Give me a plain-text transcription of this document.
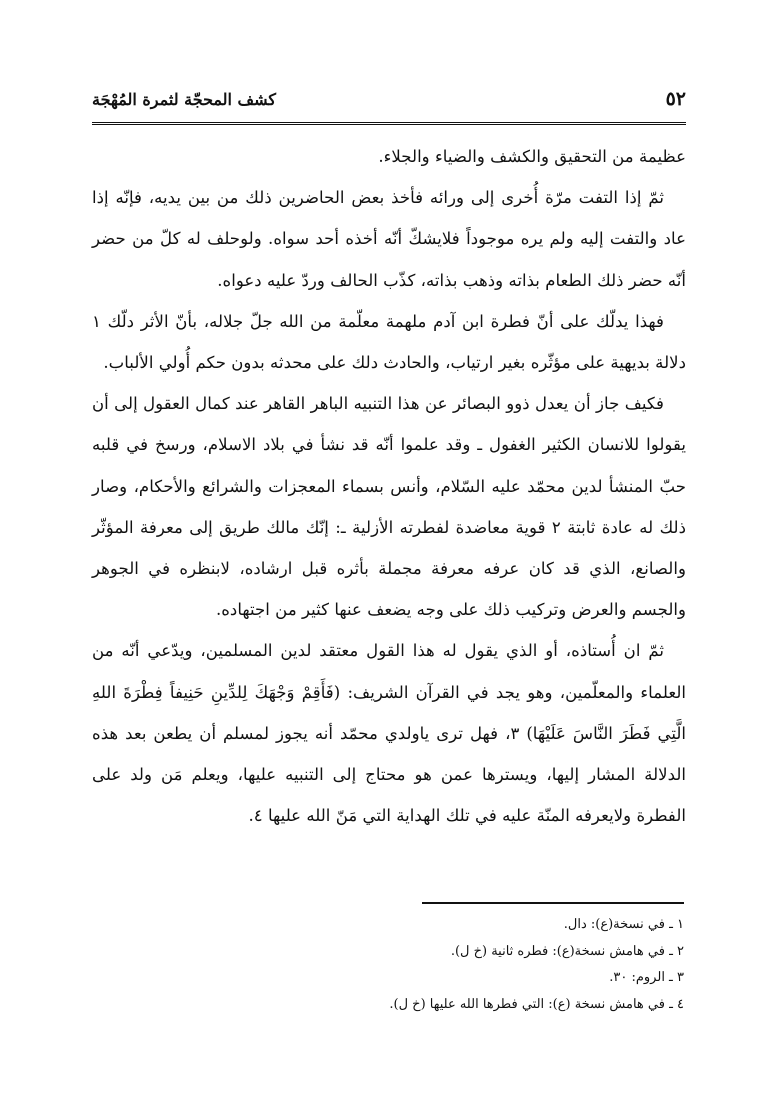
٥٢
كشف المحجّة لثمرة المُهْجَة

عظيمة من التحقيق والكشف والضياء والجلاء.

ثمّ إذا التفت مرّة أُخرى إلى ورائه فأخذ بعض الحاضرين ذلك من بين يديه، فإنّه إذا عاد والتفت إليه ولم يره موجوداً فلايشكّ أنّه أخذه أحد سواه. ولوحلف له كلّ من حضر أنّه حضر ذلك الطعام بذاته وذهب بذاته، كذّب الحالف وردّ عليه دعواه.

فهذا يدلّك على أنّ فطرة ابن آدم ملهمة معلّمة من الله جلّ جلاله، بأنّ الأثر دلّك ١ دلالة بديهية على مؤثّره بغير ارتياب، والحادث دلك على محدثه بدون حكم أُولي الألباب.

فكيف جاز أن يعدل ذوو البصائر عن هذا التنبيه الباهر القاهر عند كمال العقول إلى أن يقولوا للانسان الكثير الغفول ـ وقد علموا أنّه قد نشأ في بلاد الاسلام، ورسخ في قلبه حبّ المنشأ لدين محمّد عليه السّلام، وأنس بسماء المعجزات والشرائع والأحكام، وصار ذلك له عادة ثابتة ٢ قوية معاضدة لفطرته الأزلية ـ: إنّك مالك طريق إلى معرفة المؤثّر والصانع، الذي قد كان عرفه معرفة مجملة بأثره قبل ارشاده، لابنظره في الجوهر والجسم والعرض وتركيب ذلك على وجه يضعف عنها كثير من اجتهاده.

ثمّ ان أُستاذه، أو الذي يقول له هذا القول معتقد لدين المسلمين، ويدّعي أنّه من العلماء والمعلّمين، وهو يجد في القرآن الشريف: (فَأَقِمْ وَجْهَكَ لِلدِّينِ حَنِيفاً فِطْرَةَ اللهِ الَّتِي فَطَرَ النَّاسَ عَلَيْهَا) ٣، فهل ترى ياولدي محمّد أنه يجوز لمسلم أن يطعن بعد هذه الدلالة المشار إليها، ويسترها عمن هو محتاج إلى التنبيه عليها، ويعلم مَن ولد على الفطرة ولايعرفه المنّة عليه في تلك الهداية التي مَنّ الله عليها ٤.

١ ـ في نسخة(ع): دال.

٢ ـ في هامش نسخة(ع): فطره ثانية (خ ل).

٣ ـ الروم: ٣٠.

٤ ـ في هامش نسخة (ع): التي فطرها الله عليها (خ ل).
